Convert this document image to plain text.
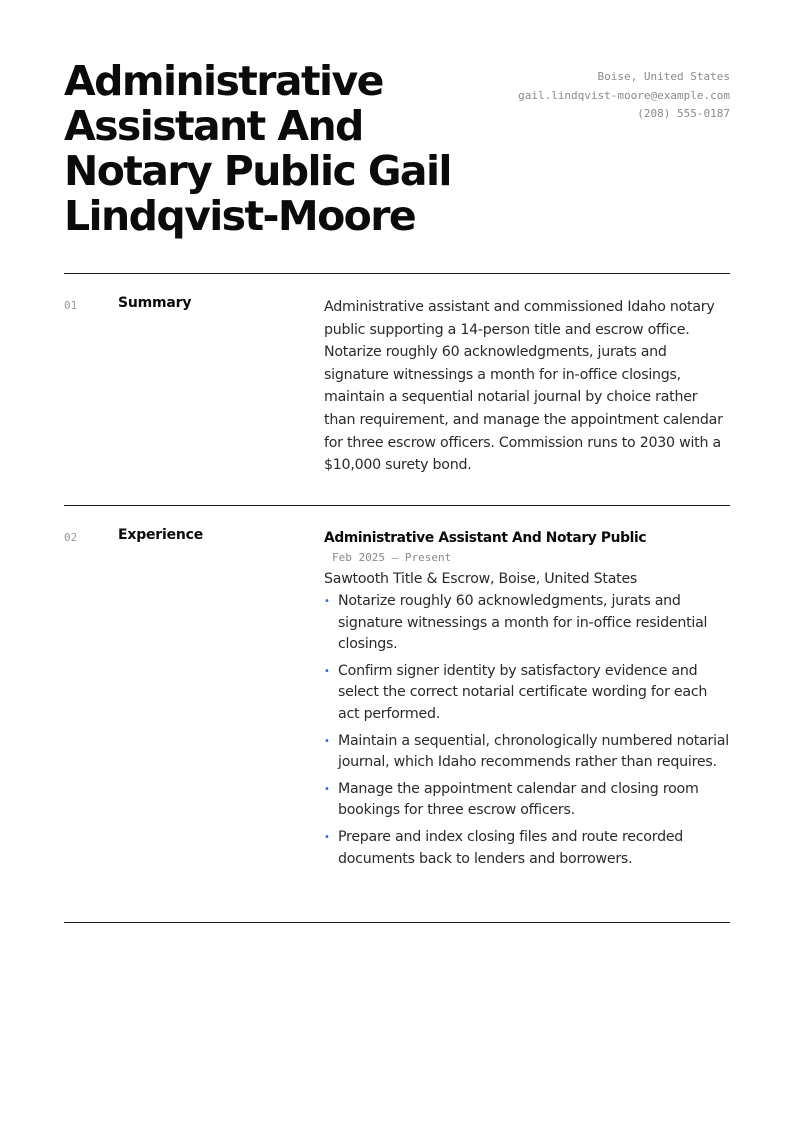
Administrative Assistant And Notary Public Gail Lindqvist-Moore
Boise, United States
gail.lindqvist-moore@example.com
(208) 555-0187
01	Summary	Administrative assistant and commissioned Idaho notary public supporting a 14-person title and escrow office. Notarize roughly 60 acknowledgments, jurats and signature witnessings a month for in-office closings, maintain a sequential notarial journal by choice rather than requirement, and manage the appointment calendar for three escrow officers. Commission runs to 2030 with a $10,000 surety bond.

02	Experience	Administrative Assistant And Notary Public
Feb 2025 — Present
Sawtooth Title & Escrow, Boise, United States
• Notarize roughly 60 acknowledgments, jurats and signature witnessings a month for in-office residential closings.
• Confirm signer identity by satisfactory evidence and select the correct notarial certificate wording for each act performed.
• Maintain a sequential, chronologically numbered notarial journal, which Idaho recommends rather than requires.
• Manage the appointment calendar and closing room bookings for three escrow officers.
• Prepare and index closing files and route recorded documents back to lenders and borrowers.
